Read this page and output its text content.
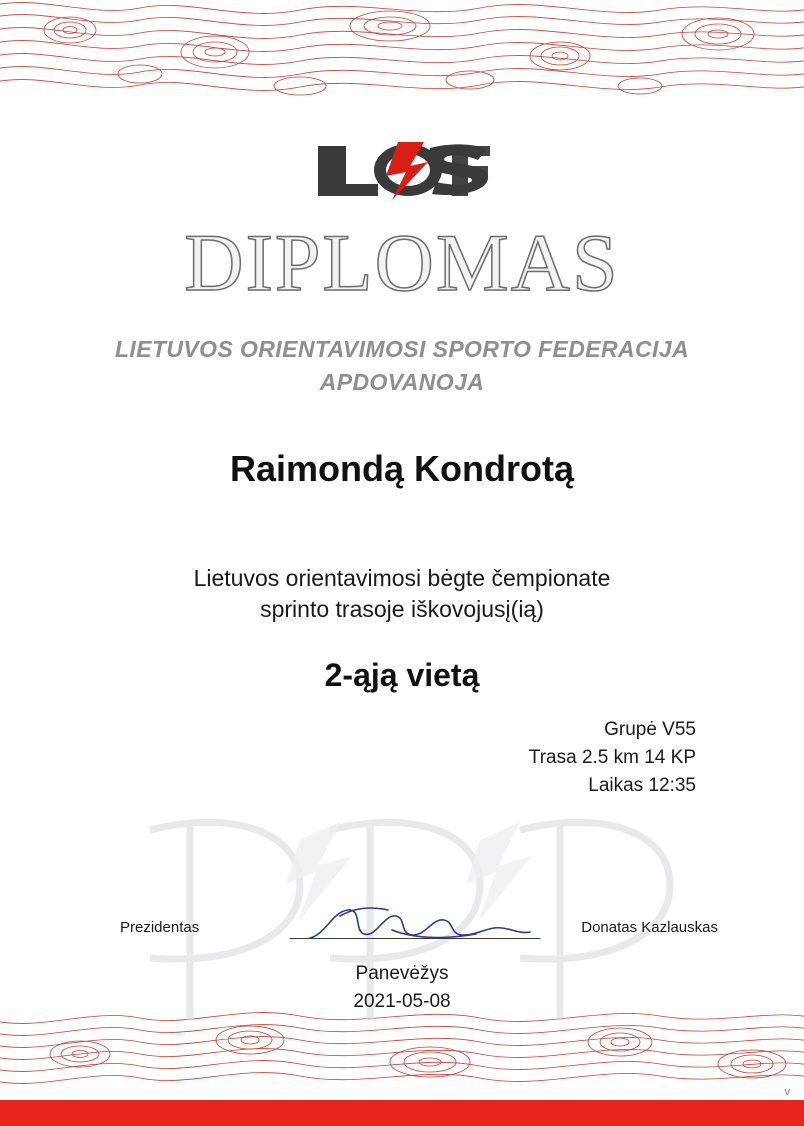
DIPLOMAS
LIETUVOS ORIENTAVIMOSI SPORTO FEDERACIJA
APDOVANOJA
Raimondą Kondrotą
Lietuvos orientavimosi bėgte čempionate
sprinto trasoje iškovojusį(ią)
2-ąją vietą
Grupė V55
Trasa 2.5 km 14 KP
Laikas 12:35
Prezidentas	Donatas Kazlauskas
Panevėžys
2021-05-08
v
